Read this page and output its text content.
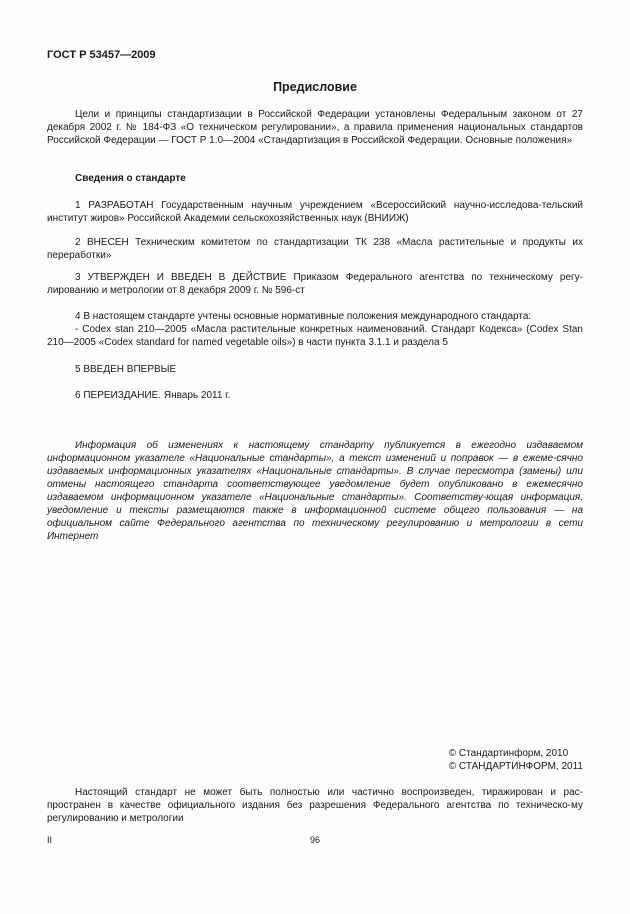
ГОСТ Р 53457—2009
Предисловие

Цели и принципы стандартизации в Российской Федерации установлены Федеральным законом от 27 декабря 2002 г. № 184-ФЗ «О техническом регулировании», а правила применения национальных стандартов Российской Федерации — ГОСТ Р 1.0—2004 «Стандартизация в Российской Федерации. Основные положения»

Сведения о стандарте

1 РАЗРАБОТАН Государственным научным учреждением «Всероссийский научно-исследова-тельский институт жиров» Российской Академии сельскохозяйственных наук (ВНИИЖ)

2 ВНЕСЕН Техническим комитетом по стандартизации ТК 238 «Масла растительные и продукты их переработки»

3 УТВЕРЖДЕН И ВВЕДЕН В ДЕЙСТВИЕ Приказом Федерального агентства по техническому регу-лированию и метрологии от 8 декабря 2009 г. № 596-ст

4 В настоящем стандарте учтены основные нормативные положения международного стандарта:

- Codex stan 210—2005 «Масла растительные конкретных наименований. Стандарт Кодекса» (Codex Stan 210—2005 «Codex standard for named vegetable oils») в части пункта 3.1.1 и раздела 5

5 ВВЕДЕН ВПЕРВЫЕ

6 ПЕРЕИЗДАНИЕ. Январь 2011 г.

Информация об изменениях к настоящему стандарту публикуется в ежегодно издаваемом информационном указателе «Национальные стандарты», а текст изменений и поправок — в ежеме-сячно издаваемых информационных указателях «Национальные стандарты». В случае пересмотра (замены) или отмены настоящего стандарта соответствующее уведомление будет опубликовано в ежемесячно издаваемом информационном указателе «Национальные стандарты». Соответству-ющая информация, уведомление и тексты размещаются также в информационной системе общего пользования — на официальном сайте Федерального агентства по техническому регулированию и метрологии в сети Интернет

© Стандартинформ, 2010
© СТАНДАРТИНФОРМ, 2011

Настоящий стандарт не может быть полностью или частично воспроизведен, тиражирован и рас-пространен в качестве официального издания без разрешения Федерального агентства по техническо-му регулированию и метрологии

ІІ	96
